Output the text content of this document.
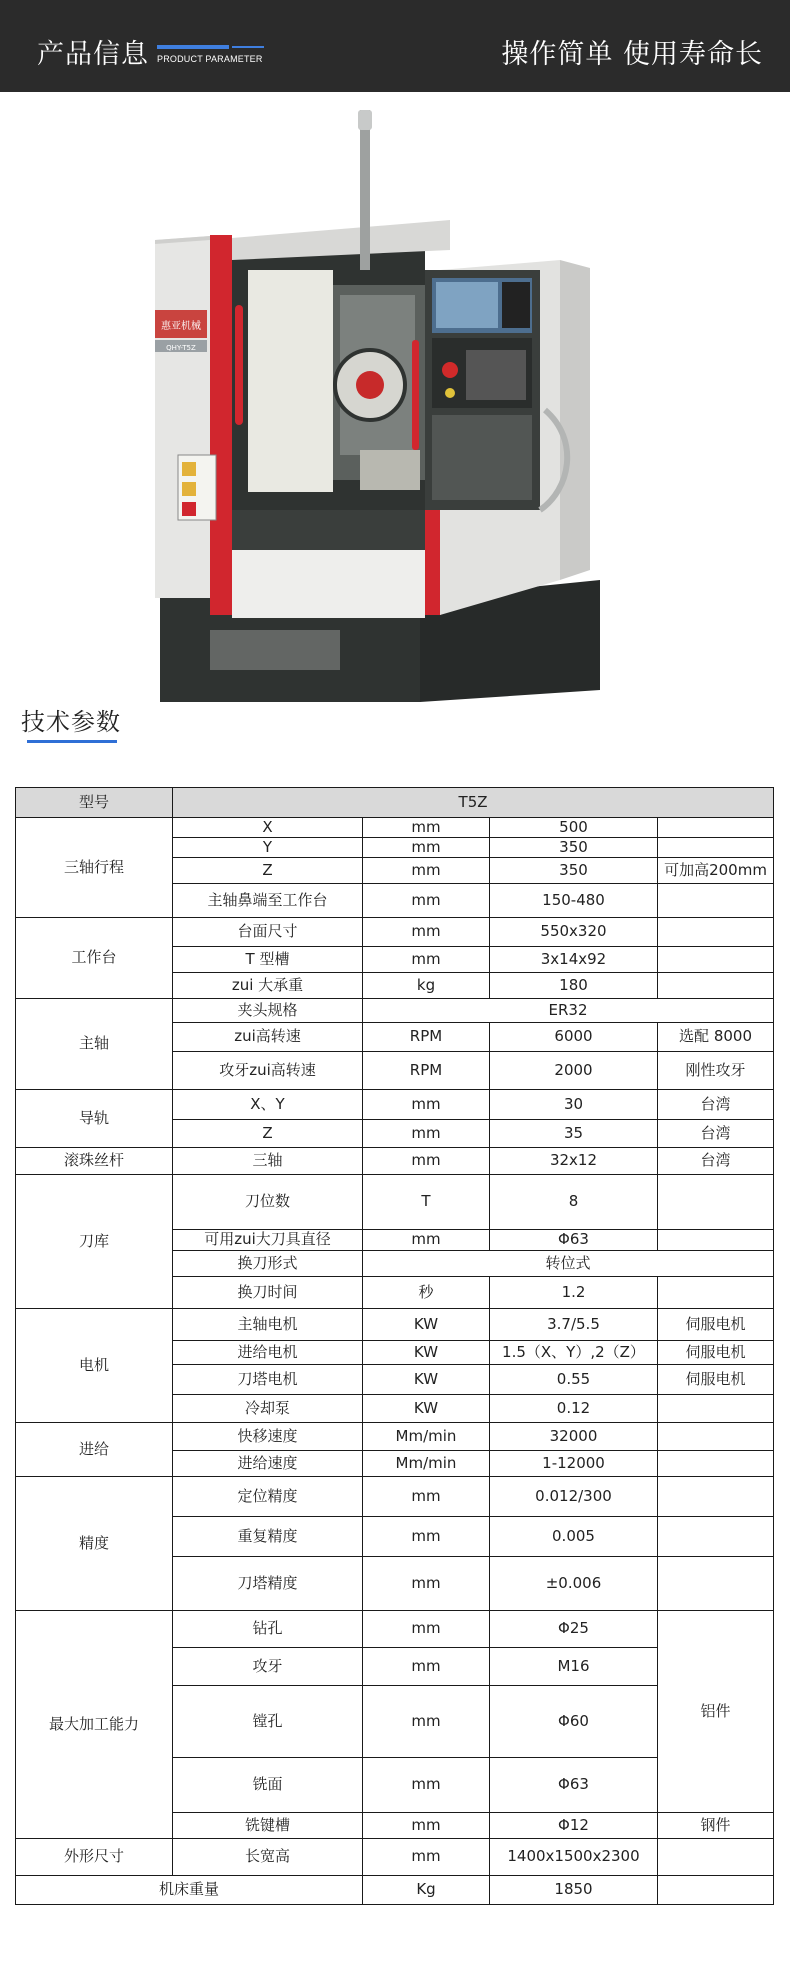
产品信息 PRODUCT PARAMETER	操作简单 使用寿命长
惠亚机械
QHY-T5Z
技术参数
型号	T5Z			
三轴行程	X	mm	500	
	Y	mm	350	
	Z	mm	350	可加高200mm
	主轴鼻端至工作台	mm	150-480	
工作台	台面尺寸	mm	550x320	
	T 型槽	mm	3x14x92	
	zui 大承重	kg	180	
主轴	夹头规格	ER32		
	zui高转速	RPM	6000	选配 8000
	攻牙zui高转速	RPM	2000	刚性攻牙
导轨	X、Y	mm	30	台湾
	Z	mm	35	台湾
滚珠丝杆	三轴	mm	32x12	台湾
刀库	刀位数	T	8	
	可用zui大刀具直径	mm	Φ63	
	换刀形式	转位式		
	换刀时间	秒	1.2	
电机	主轴电机	KW	3.7/5.5	伺服电机
	进给电机	KW	1.5（X、Y）,2（Z）	伺服电机
	刀塔电机	KW	0.55	伺服电机
	冷却泵	KW	0.12	
进给	快移速度	Mm/min	32000	
	进给速度	Mm/min	1-12000	
精度	定位精度	mm	0.012/300	
	重复精度	mm	0.005	
	刀塔精度	mm	±0.006	
最大加工能力	钻孔	mm	Φ25	铝件
	攻牙	mm	M16	
	镗孔	mm	Φ60	
	铣面	mm	Φ63	
	铣键槽	mm	Φ12	钢件
外形尺寸	长宽高	mm	1400x1500x2300	
机床重量		Kg	1850	
